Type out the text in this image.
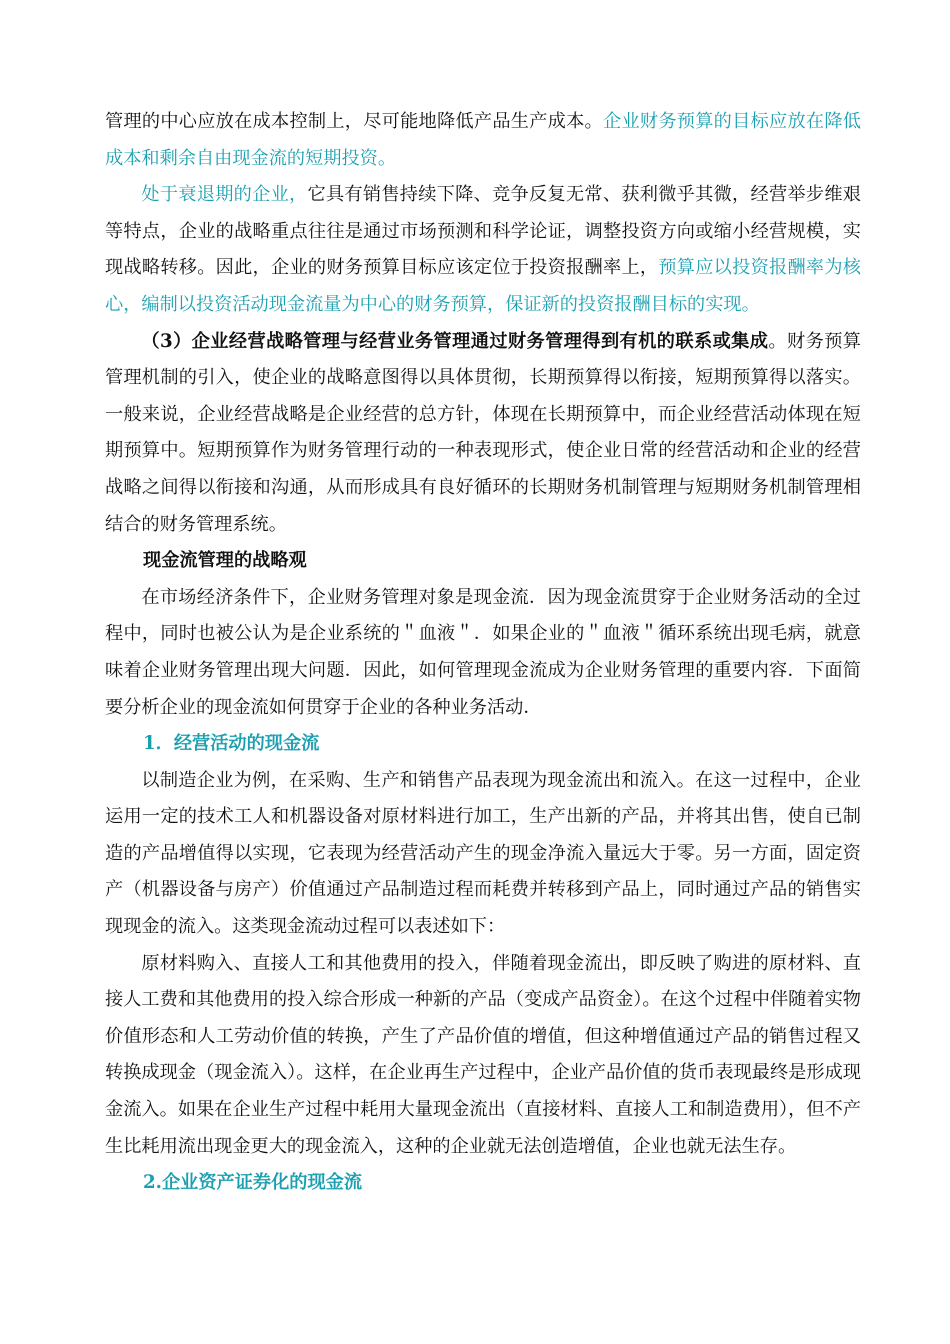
管理的中心应放在成本控制上，尽可能地降低产品生产成本。企业财务预算的目标应放在降低成本和剩余自由现金流的短期投资。

处于衰退期的企业，它具有销售持续下降、竞争反复无常、获利微乎其微，经营举步维艰等特点，企业的战略重点往往是通过市场预测和科学论证，调整投资方向或缩小经营规模，实现战略转移。因此，企业的财务预算目标应该定位于投资报酬率上，预算应以投资报酬率为核心，编制以投资活动现金流量为中心的财务预算，保证新的投资报酬目标的实现。

（3）企业经营战略管理与经营业务管理通过财务管理得到有机的联系或集成。财务预算管理机制的引入，使企业的战略意图得以具体贯彻，长期预算得以衔接，短期预算得以落实。一般来说，企业经营战略是企业经营的总方针，体现在长期预算中，而企业经营活动体现在短期预算中。短期预算作为财务管理行动的一种表现形式，使企业日常的经营活动和企业的经营战略之间得以衔接和沟通，从而形成具有良好循环的长期财务机制管理与短期财务机制管理相结合的财务管理系统。

现金流管理的战略观

在市场经济条件下，企业财务管理对象是现金流．因为现金流贯穿于企业财务活动的全过程中，同时也被公认为是企业系统的＂血液＂．如果企业的＂血液＂循环系统出现毛病，就意味着企业财务管理出现大问题．因此，如何管理现金流成为企业财务管理的重要内容．下面简要分析企业的现金流如何贯穿于企业的各种业务活动．

1．经营活动的现金流

以制造企业为例，在采购、生产和销售产品表现为现金流出和流入。在这一过程中，企业运用一定的技术工人和机器设备对原材料进行加工，生产出新的产品，并将其出售，使自已制造的产品增值得以实现，它表现为经营活动产生的现金净流入量远大于零。另一方面，固定资产（机器设备与房产）价值通过产品制造过程而耗费并转移到产品上，同时通过产品的销售实现现金的流入。这类现金流动过程可以表述如下：

原材料购入、直接人工和其他费用的投入，伴随着现金流出，即反映了购进的原材料、直接人工费和其他费用的投入综合形成一种新的产品（变成产品资金）。在这个过程中伴随着实物价值形态和人工劳动价值的转换，产生了产品价值的增值，但这种增值通过产品的销售过程又转换成现金（现金流入）。这样，在企业再生产过程中，企业产品价值的货币表现最终是形成现金流入。如果在企业生产过程中耗用大量现金流出（直接材料、直接人工和制造费用），但不产生比耗用流出现金更大的现金流入，这种的企业就无法创造增值，企业也就无法生存。

2.企业资产证券化的现金流
